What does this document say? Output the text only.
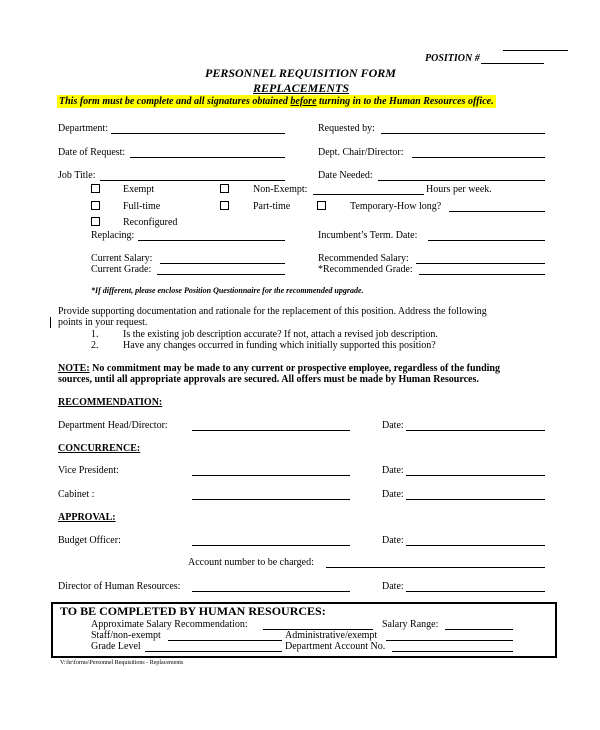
POSITION #
PERSONNEL REQUISITION FORM
REPLACEMENTS
This form must be complete and all signatures obtained before turning in to the Human Resources office.
Department:	Requested by:
Date of Request:	Dept. Chair/Director:
Job Title:	Date Needed:
Exempt	Non-Exempt:	Hours per week.
Full-time	Part-time	Temporary-How long?
Reconfigured
Replacing:	Incumbent’s Term. Date:
Current Salary:	Recommended Salary:
Current Grade:	*Recommended Grade:
*If different, please enclose Position Questionnaire for the recommended upgrade.
Provide supporting documentation and rationale for the replacement of this position. Address the following
points in your request.
1. Is the existing job description accurate? If not, attach a revised job description.
2. Have any changes occurred in funding which initially supported this position?
NOTE: No commitment may be made to any current or prospective employee, regardless of the funding
sources, until all appropriate approvals are secured. All offers must be made by Human Resources.
RECOMMENDATION:
Department Head/Director:	Date:
CONCURRENCE:
Vice President:	Date:
Cabinet :	Date:
APPROVAL:
Budget Officer:	Date:
Account number to be charged:
Director of Human Resources:	Date:
TO BE COMPLETED BY HUMAN RESOURCES:
Approximate Salary Recommendation:	Salary Range:
Staff/non-exempt	Administrative/exempt
Grade Level	Department Account No.
V:\hr\forms\Personnel Requisitions - Replacements
